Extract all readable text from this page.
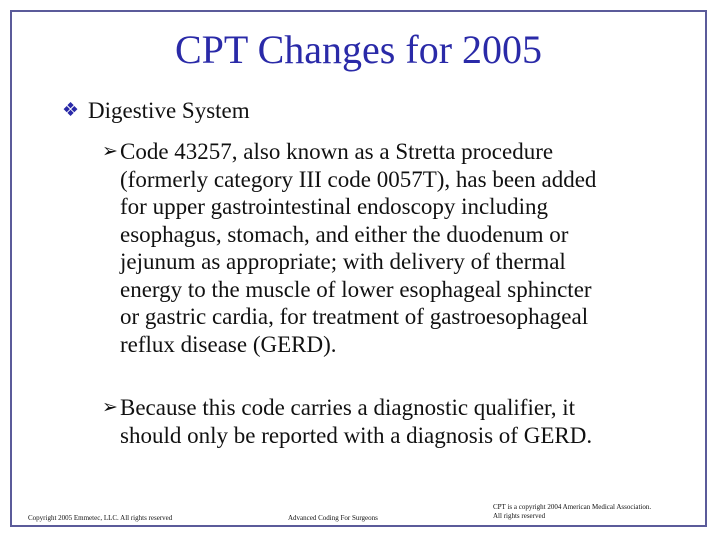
CPT Changes for 2005
❖ Digestive System
➢ Code 43257, also known as a Stretta procedure
(formerly category III code 0057T), has been added
for upper gastrointestinal endoscopy including
esophagus, stomach, and either the duodenum or
jejunum as appropriate; with delivery of thermal
energy to the muscle of lower esophageal sphincter
or gastric cardia, for treatment of gastroesophageal
reflux disease (GERD).
➢ Because this code carries a diagnostic qualifier, it
should only be reported with a diagnosis of GERD.
Copyright 2005 Emmetec, LLC. All rights reserved	Advanced Coding For Surgeons
CPT is a copyright 2004 American Medical Association.
All rights reserved
